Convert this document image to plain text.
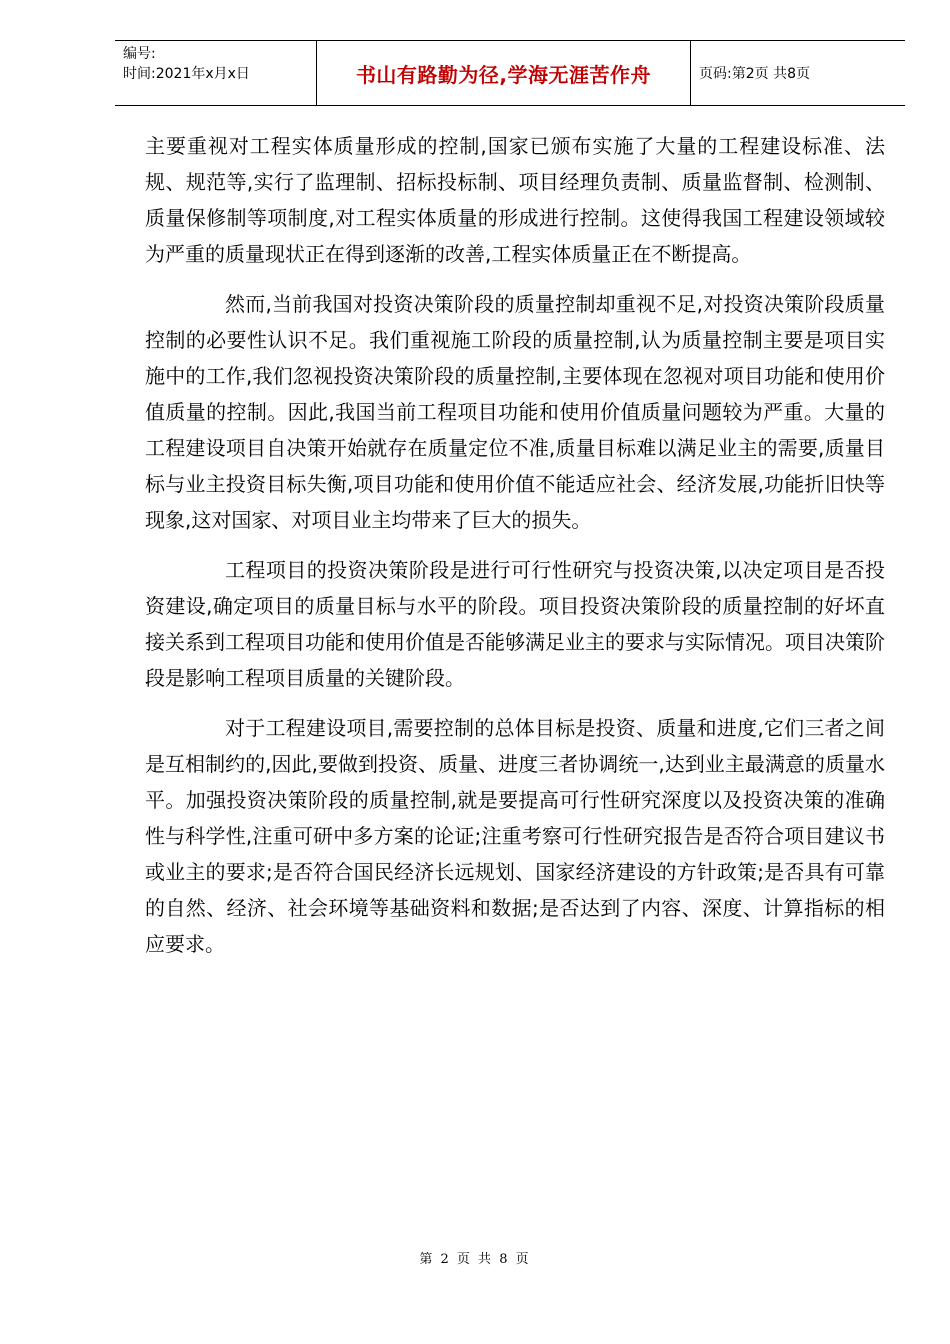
编号:
时间:2021年x月x日	书山有路勤为径,学海无涯苦作舟	页码:第2页 共8页

主要重视对工程实体质量形成的控制,国家已颁布实施了大量的工程建设标准、法规、规范等,实行了监理制、招标投标制、项目经理负责制、质量监督制、检测制、质量保修制等项制度,对工程实体质量的形成进行控制。这使得我国工程建设领域较为严重的质量现状正在得到逐渐的改善,工程实体质量正在不断提高。

然而,当前我国对投资决策阶段的质量控制却重视不足,对投资决策阶段质量控制的必要性认识不足。我们重视施工阶段的质量控制,认为质量控制主要是项目实施中的工作,我们忽视投资决策阶段的质量控制,主要体现在忽视对项目功能和使用价值质量的控制。因此,我国当前工程项目功能和使用价值质量问题较为严重。大量的工程建设项目自决策开始就存在质量定位不准,质量目标难以满足业主的需要,质量目标与业主投资目标失衡,项目功能和使用价值不能适应社会、经济发展,功能折旧快等现象,这对国家、对项目业主均带来了巨大的损失。

工程项目的投资决策阶段是进行可行性研究与投资决策,以决定项目是否投资建设,确定项目的质量目标与水平的阶段。项目投资决策阶段的质量控制的好坏直接关系到工程项目功能和使用价值是否能够满足业主的要求与实际情况。项目决策阶段是影响工程项目质量的关键阶段。

对于工程建设项目,需要控制的总体目标是投资、质量和进度,它们三者之间是互相制约的,因此,要做到投资、质量、进度三者协调统一,达到业主最满意的质量水平。加强投资决策阶段的质量控制,就是要提高可行性研究深度以及投资决策的准确性与科学性,注重可研中多方案的论证;注重考察可行性研究报告是否符合项目建议书或业主的要求;是否符合国民经济长远规划、国家经济建设的方针政策;是否具有可靠的自然、经济、社会环境等基础资料和数据;是否达到了内容、深度、计算指标的相应要求。

第 2 页 共 8 页
